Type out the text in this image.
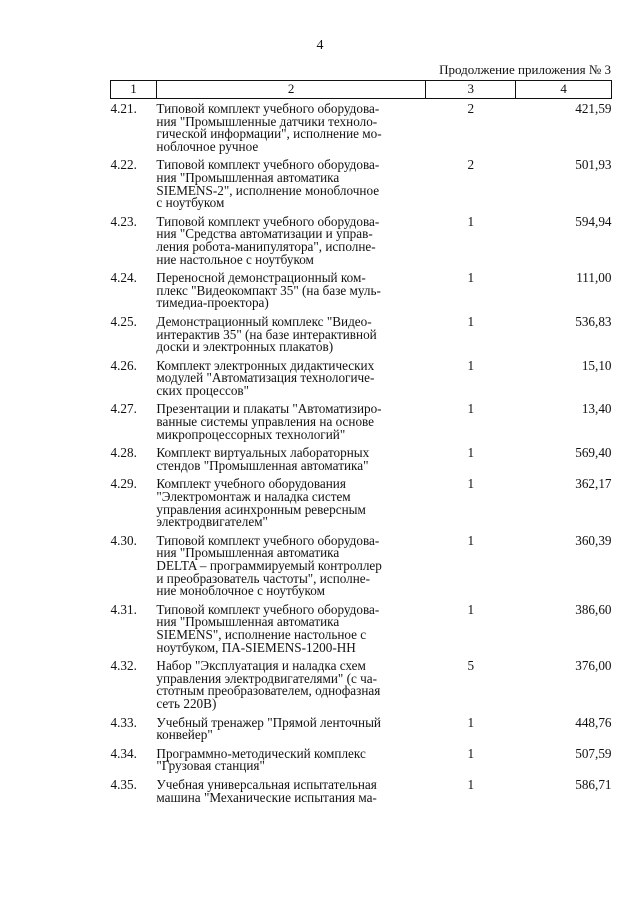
4
Продолжение приложения № 3
1	2	3	4
4.21.	Типовой комплект учебного оборудова-
ния "Промышленные датчики техноло-
гической информации", исполнение мо-
ноблочное ручное	2	421,59
4.22.	Типовой комплект учебного оборудова-
ния "Промышленная автоматика
SIEMENS-2", исполнение моноблочное
с ноутбуком	2	501,93
4.23.	Типовой комплект учебного оборудова-
ния "Средства автоматизации и управ-
ления робота-манипулятора", исполне-
ние настольное с ноутбуком	1	594,94
4.24.	Переносной демонстрационный ком-
плекс "Видеокомпакт 35" (на базе муль-
тимедиа-проектора)	1	111,00
4.25.	Демонстрационный комплекс "Видео-
интерактив 35" (на базе интерактивной
доски и электронных плакатов)	1	536,83
4.26.	Комплект электронных дидактических
модулей "Автоматизация технологиче-
ских процессов"	1	15,10
4.27.	Презентации и плакаты "Автоматизиро-
ванные системы управления на основе
микропроцессорных технологий"	1	13,40
4.28.	Комплект виртуальных лабораторных
стендов "Промышленная автоматика"	1	569,40
4.29.	Комплект учебного оборудования
"Электромонтаж и наладка систем
управления асинхронным реверсным
электродвигателем"	1	362,17
4.30.	Типовой комплект учебного оборудова-
ния "Промышленная автоматика
DELTA – программируемый контроллер
и преобразователь частоты", исполне-
ние моноблочное с ноутбуком	1	360,39
4.31.	Типовой комплект учебного оборудова-
ния "Промышленная автоматика
SIEMENS", исполнение настольное с
ноутбуком, ПА-SIEMENS-1200-НН	1	386,60
4.32.	Набор "Эксплуатация и наладка схем
управления электродвигателями" (с ча-
стотным преобразователем, однофазная
сеть 220В)	5	376,00
4.33.	Учебный тренажер "Прямой ленточный
конвейер"	1	448,76
4.34.	Программно-методический комплекс
"Грузовая станция"	1	507,59
4.35.	Учебная универсальная испытательная
машина "Механические испытания ма-	1	586,71
